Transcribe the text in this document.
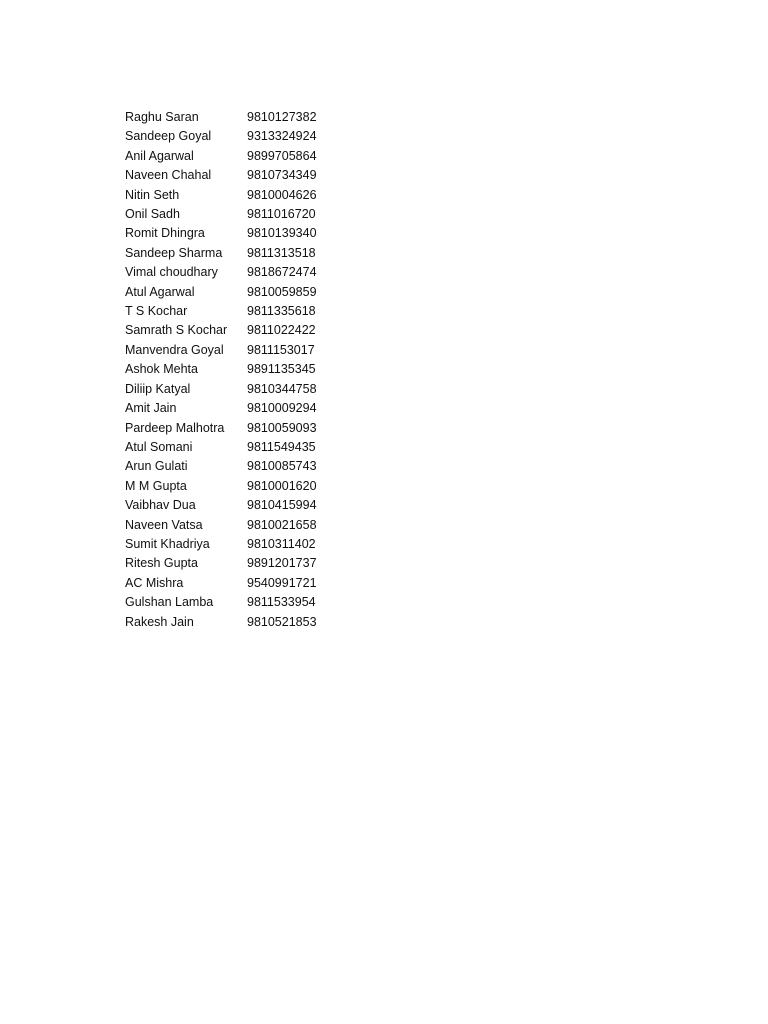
Raghu Saran	9810127382
Sandeep Goyal	9313324924
Anil Agarwal	9899705864
Naveen Chahal	9810734349
Nitin Seth	9810004626
Onil Sadh	9811016720
Romit Dhingra	9810139340
Sandeep Sharma	9811313518
Vimal choudhary	9818672474
Atul Agarwal	9810059859
T S Kochar	9811335618
Samrath S Kochar	9811022422
Manvendra Goyal	9811153017
Ashok Mehta	9891135345
Diliip Katyal	9810344758
Amit Jain	9810009294
Pardeep Malhotra	9810059093
Atul Somani	9811549435
Arun Gulati	9810085743
M M Gupta	9810001620
Vaibhav Dua	9810415994
Naveen Vatsa	9810021658
Sumit Khadriya	9810311402
Ritesh Gupta	9891201737
AC Mishra	9540991721
Gulshan Lamba	9811533954
Rakesh Jain	9810521853
